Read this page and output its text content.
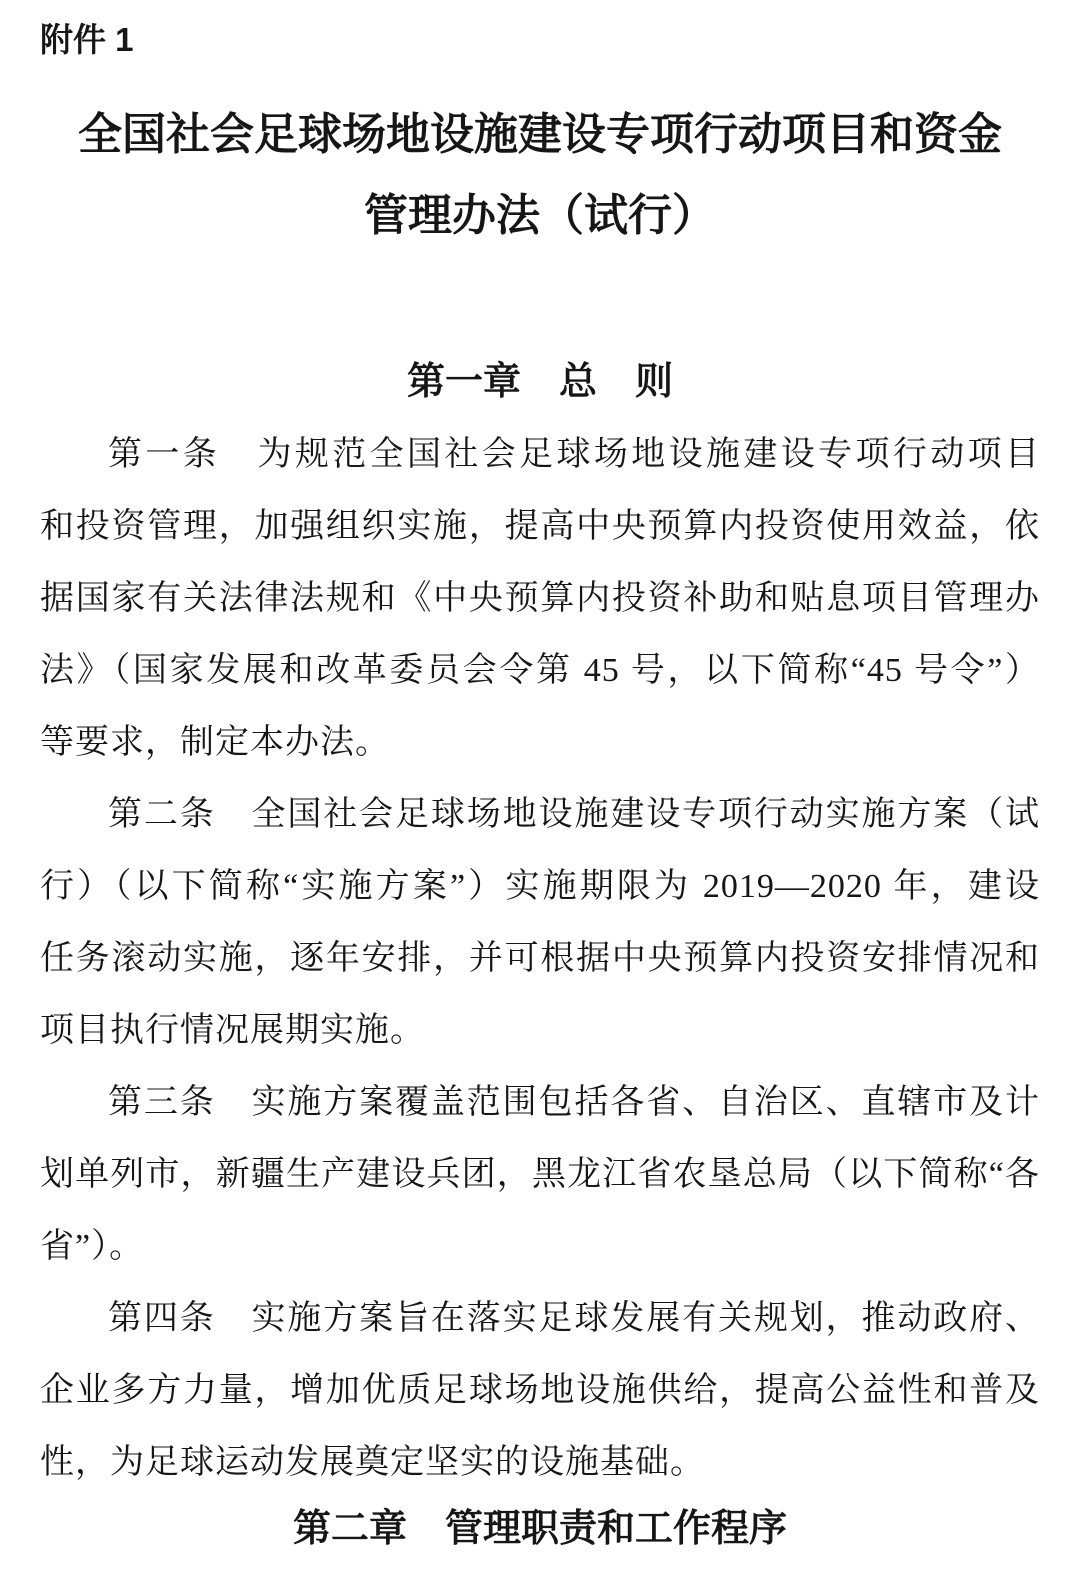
附件 1
全国社会足球场地设施建设专项行动项目和资金
管理办法（试行）
第一章　总　则
第一条　为规范全国社会足球场地设施建设专项行动项目
和投资管理，加强组织实施，提高中央预算内投资使用效益，依
据国家有关法律法规和《中央预算内投资补助和贴息项目管理办
法》（国家发展和改革委员会令第 45 号，以下简称“45 号令”）
等要求，制定本办法。
第二条　全国社会足球场地设施建设专项行动实施方案（试
行）（以下简称“实施方案”）实施期限为 2019—2020 年，建设
任务滚动实施，逐年安排，并可根据中央预算内投资安排情况和
项目执行情况展期实施。
第三条　实施方案覆盖范围包括各省、自治区、直辖市及计
划单列市，新疆生产建设兵团，黑龙江省农垦总局（以下简称“各
省”）。
第四条　实施方案旨在落实足球发展有关规划，推动政府、
企业多方力量，增加优质足球场地设施供给，提高公益性和普及
性，为足球运动发展奠定坚实的设施基础。
第二章　管理职责和工作程序
